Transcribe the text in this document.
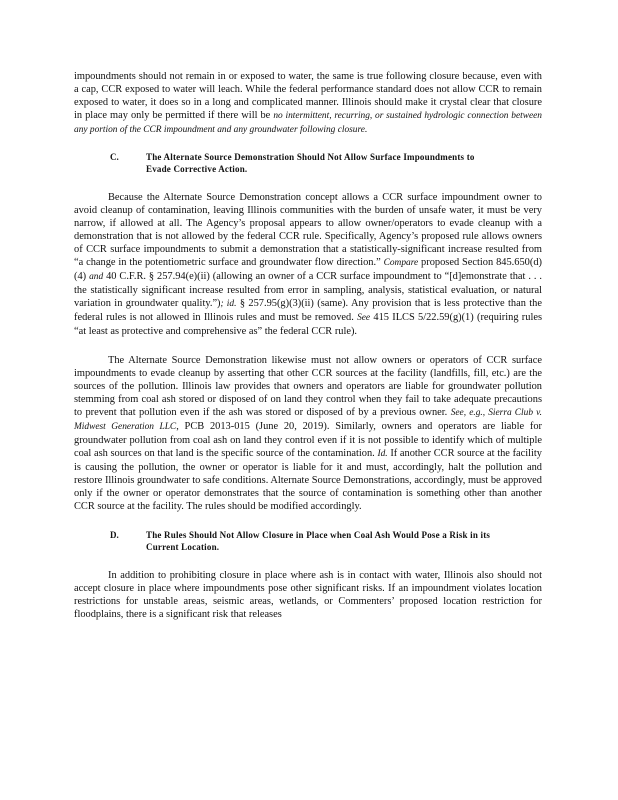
impoundments should not remain in or exposed to water, the same is true following closure because, even with a cap, CCR exposed to water will leach. While the federal performance standard does not allow CCR to remain exposed to water, it does so in a long and complicated manner. Illinois should make it crystal clear that closure in place may only be permitted if there will be no intermittent, recurring, or sustained hydrologic connection between any portion of the CCR impoundment and any groundwater following closure.

C.	The Alternate Source Demonstration Should Not Allow Surface Impoundments to Evade Corrective Action.

Because the Alternate Source Demonstration concept allows a CCR surface impoundment owner to avoid cleanup of contamination, leaving Illinois communities with the burden of unsafe water, it must be very narrow, if allowed at all. The Agency’s proposal appears to allow owner/operators to evade cleanup with a demonstration that is not allowed by the federal CCR rule. Specifically, Agency’s proposed rule allows owners of CCR surface impoundments to submit a demonstration that a statistically-significant increase resulted from “a change in the potentiometric surface and groundwater flow direction.” Compare proposed Section 845.650(d)(4) and 40 C.F.R. § 257.94(e)(ii) (allowing an owner of a CCR surface impoundment to “[d]emonstrate that . . . the statistically significant increase resulted from error in sampling, analysis, statistical evaluation, or natural variation in groundwater quality.”); id. § 257.95(g)(3)(ii) (same). Any provision that is less protective than the federal rules is not allowed in Illinois rules and must be removed. See 415 ILCS 5/22.59(g)(1) (requiring rules “at least as protective and comprehensive as” the federal CCR rule).

The Alternate Source Demonstration likewise must not allow owners or operators of CCR surface impoundments to evade cleanup by asserting that other CCR sources at the facility (landfills, fill, etc.) are the sources of the pollution. Illinois law provides that owners and operators are liable for groundwater pollution stemming from coal ash stored or disposed of on land they control when they fail to take adequate precautions to prevent that pollution even if the ash was stored or disposed of by a previous owner. See, e.g., Sierra Club v. Midwest Generation LLC, PCB 2013-015 (June 20, 2019). Similarly, owners and operators are liable for groundwater pollution from coal ash on land they control even if it is not possible to identify which of multiple coal ash sources on that land is the specific source of the contamination. Id. If another CCR source at the facility is causing the pollution, the owner or operator is liable for it and must, accordingly, halt the pollution and restore Illinois groundwater to safe conditions. Alternate Source Demonstrations, accordingly, must be approved only if the owner or operator demonstrates that the source of contamination is something other than another CCR source at the facility. The rules should be modified accordingly.

D.	The Rules Should Not Allow Closure in Place when Coal Ash Would Pose a Risk in its Current Location.

In addition to prohibiting closure in place where ash is in contact with water, Illinois also should not accept closure in place where impoundments pose other significant risks. If an impoundment violates location restrictions for unstable areas, seismic areas, wetlands, or Commenters’ proposed location restriction for floodplains, there is a significant risk that releases
